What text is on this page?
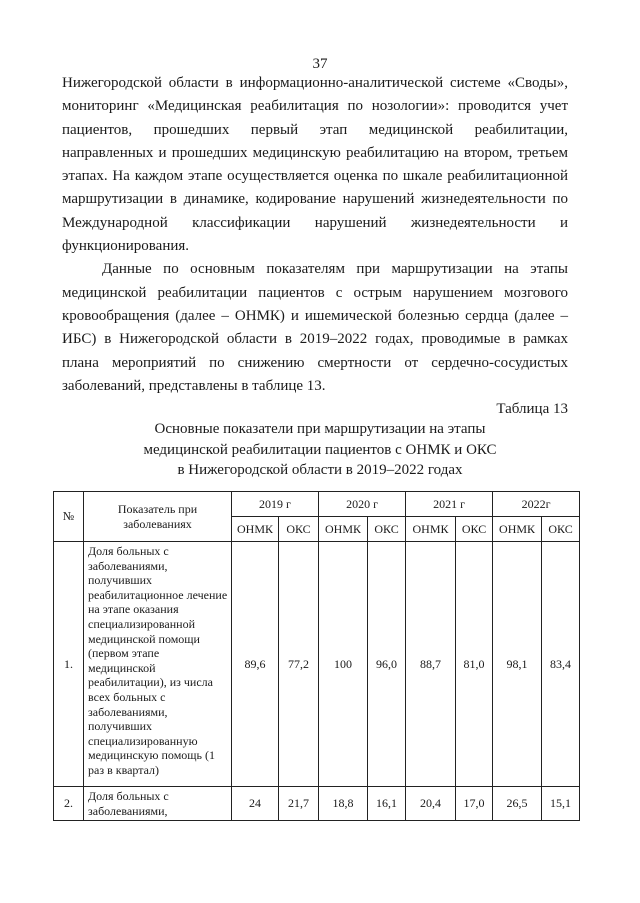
37

Нижегородской области в информационно-аналитической системе «Своды», мониторинг «Медицинская реабилитация по нозологии»: проводится учет пациентов, прошедших первый этап медицинской реабилитации, направленных и прошедших медицинскую реабилитацию на втором, третьем этапах. На каждом этапе осуществляется оценка по шкале реабилитационной маршрутизации в динамике, кодирование нарушений жизнедеятельности по Международной классификации нарушений жизнедеятельности и функционирования.

Данные по основным показателям при маршрутизации на этапы медицинской реабилитации пациентов с острым нарушением мозгового кровообращения (далее – ОНМК) и ишемической болезнью сердца (далее – ИБС) в Нижегородской области в 2019–2022 годах, проводимые в рамках плана мероприятий по снижению смертности от сердечно-сосудистых заболеваний, представлены в таблице 13.

Таблица 13
Основные показатели при маршрутизации на этапы
медицинской реабилитации пациентов с ОНМК и ОКС
в Нижегородской области в 2019–2022 годах
№	Показатель при заболеваниях	2019 г		2020 г		2021 г		2022г	
		ОНМК	ОКС	ОНМК	ОКС	ОНМК	ОКС	ОНМК	ОКС
1.	Доля больных с заболеваниями, получивших реабилитационное лечение на этапе оказания специализированной медицинской помощи (первом этапе медицинской реабилитации), из числа всех больных с заболеваниями, получивших специализированную медицинскую помощь (1 раз в квартал)	89,6	77,2	100	96,0	88,7	81,0	98,1	83,4
2.	Доля больных с заболеваниями,	24	21,7	18,8	16,1	20,4	17,0	26,5	15,1
